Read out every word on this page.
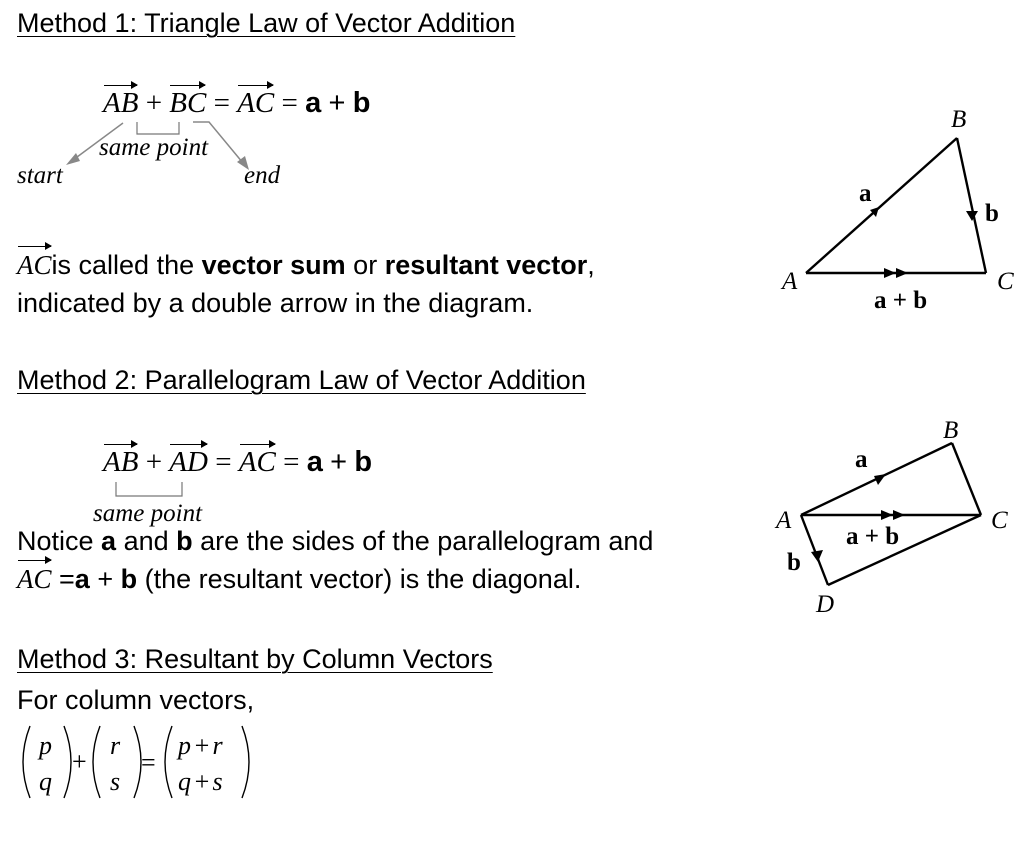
Method 1: Triangle Law of Vector Addition
AB + BC = AC = a + b
same point
start	end
ACis called the vector sum or resultant vector,
indicated by a double arrow in the diagram.
A
B
C
a
b
a + b
Method 2: Parallelogram Law of Vector Addition
AB + AD = AC = a + b
same point
Notice a and b are the sides of the parallelogram and
AC =a + b (the resultant vector) is the diagonal.
A
B
C
D
a
b
a + b
Method 3: Resultant by Column Vectors
For column vectors,
p
q
+
r
s
=
p+r
q+s
